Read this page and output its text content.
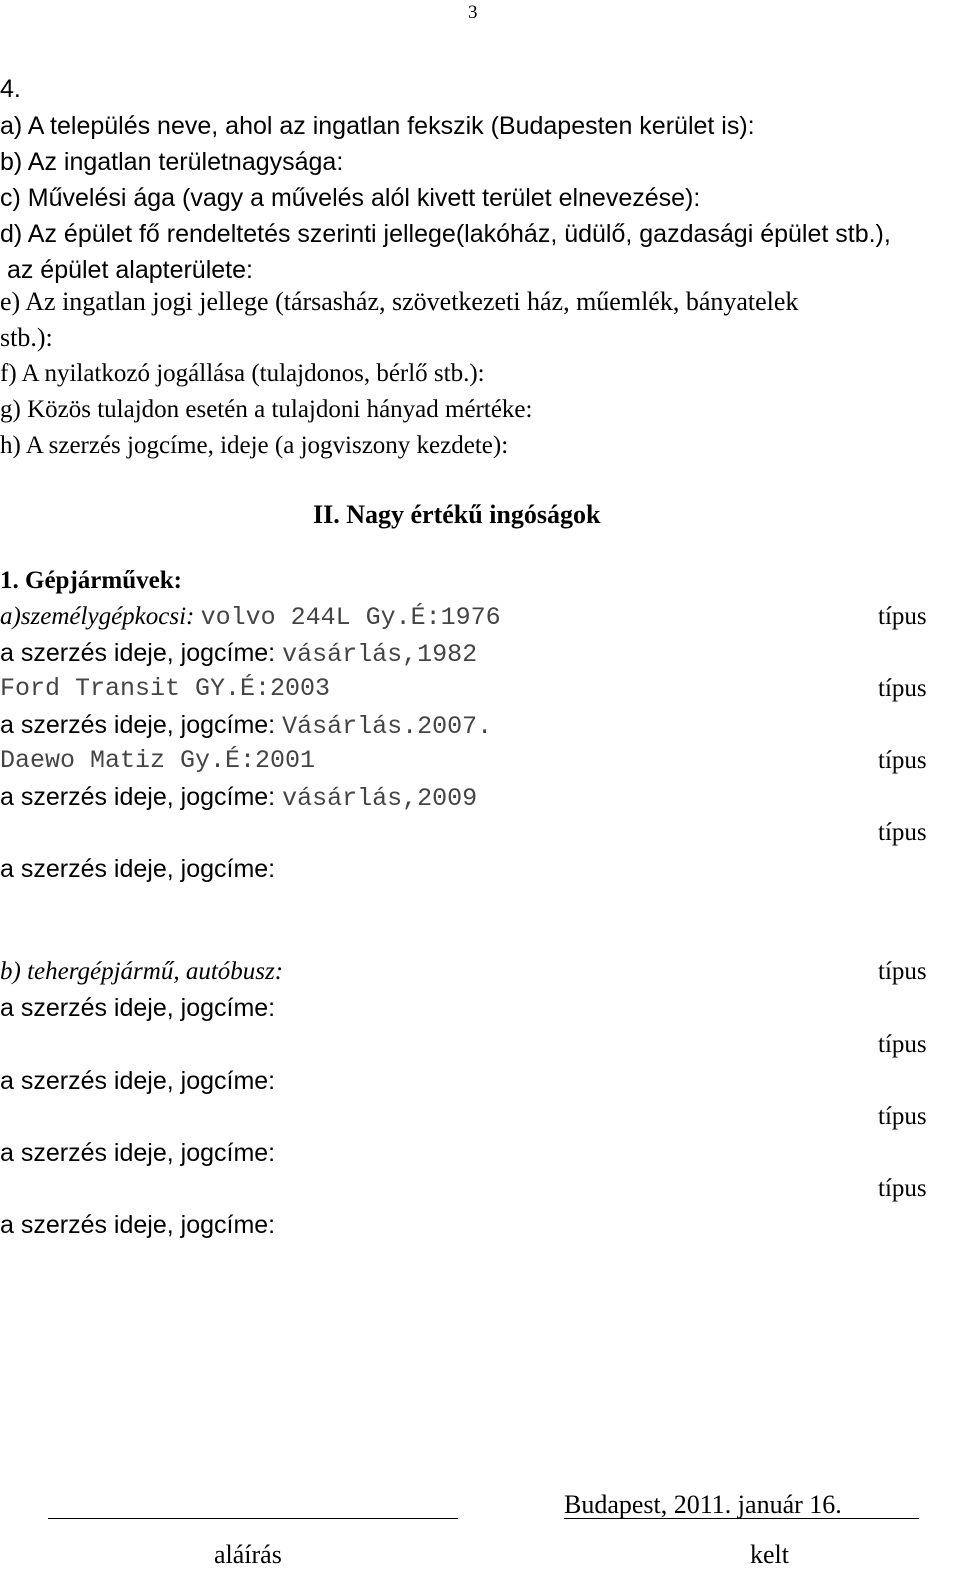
3
4.
a) A település neve, ahol az ingatlan fekszik (Budapesten kerület is):
b) Az ingatlan területnagysága:
c) Művelési ága (vagy a művelés alól kivett terület elnevezése):
d) Az épület fő rendeltetés szerinti jellege(lakóház, üdülő, gazdasági épület stb.),
az épület alapterülete:
e) Az ingatlan jogi jellege (társasház, szövetkezeti ház, műemlék, bányatelek
stb.):
f) A nyilatkozó jogállása (tulajdonos, bérlő stb.):
g) Közös tulajdon esetén a tulajdoni hányad mértéke:
h) A szerzés jogcíme, ideje (a jogviszony kezdete):
II. Nagy értékű ingóságok
1. Gépjárművek:
a)személygépkocsi: volvo 244L Gy.É:1976	típus
a szerzés ideje, jogcíme: vásárlás,1982
Ford Transit GY.É:2003	típus
a szerzés ideje, jogcíme: Vásárlás.2007.
Daewo Matiz Gy.É:2001	típus
a szerzés ideje, jogcíme: vásárlás,2009
típus
a szerzés ideje, jogcíme:
b) tehergépjármű, autóbusz:	típus
a szerzés ideje, jogcíme:
típus
a szerzés ideje, jogcíme:
típus
a szerzés ideje, jogcíme:
típus
a szerzés ideje, jogcíme:
Budapest, 2011. január 16.
aláírás	kelt
